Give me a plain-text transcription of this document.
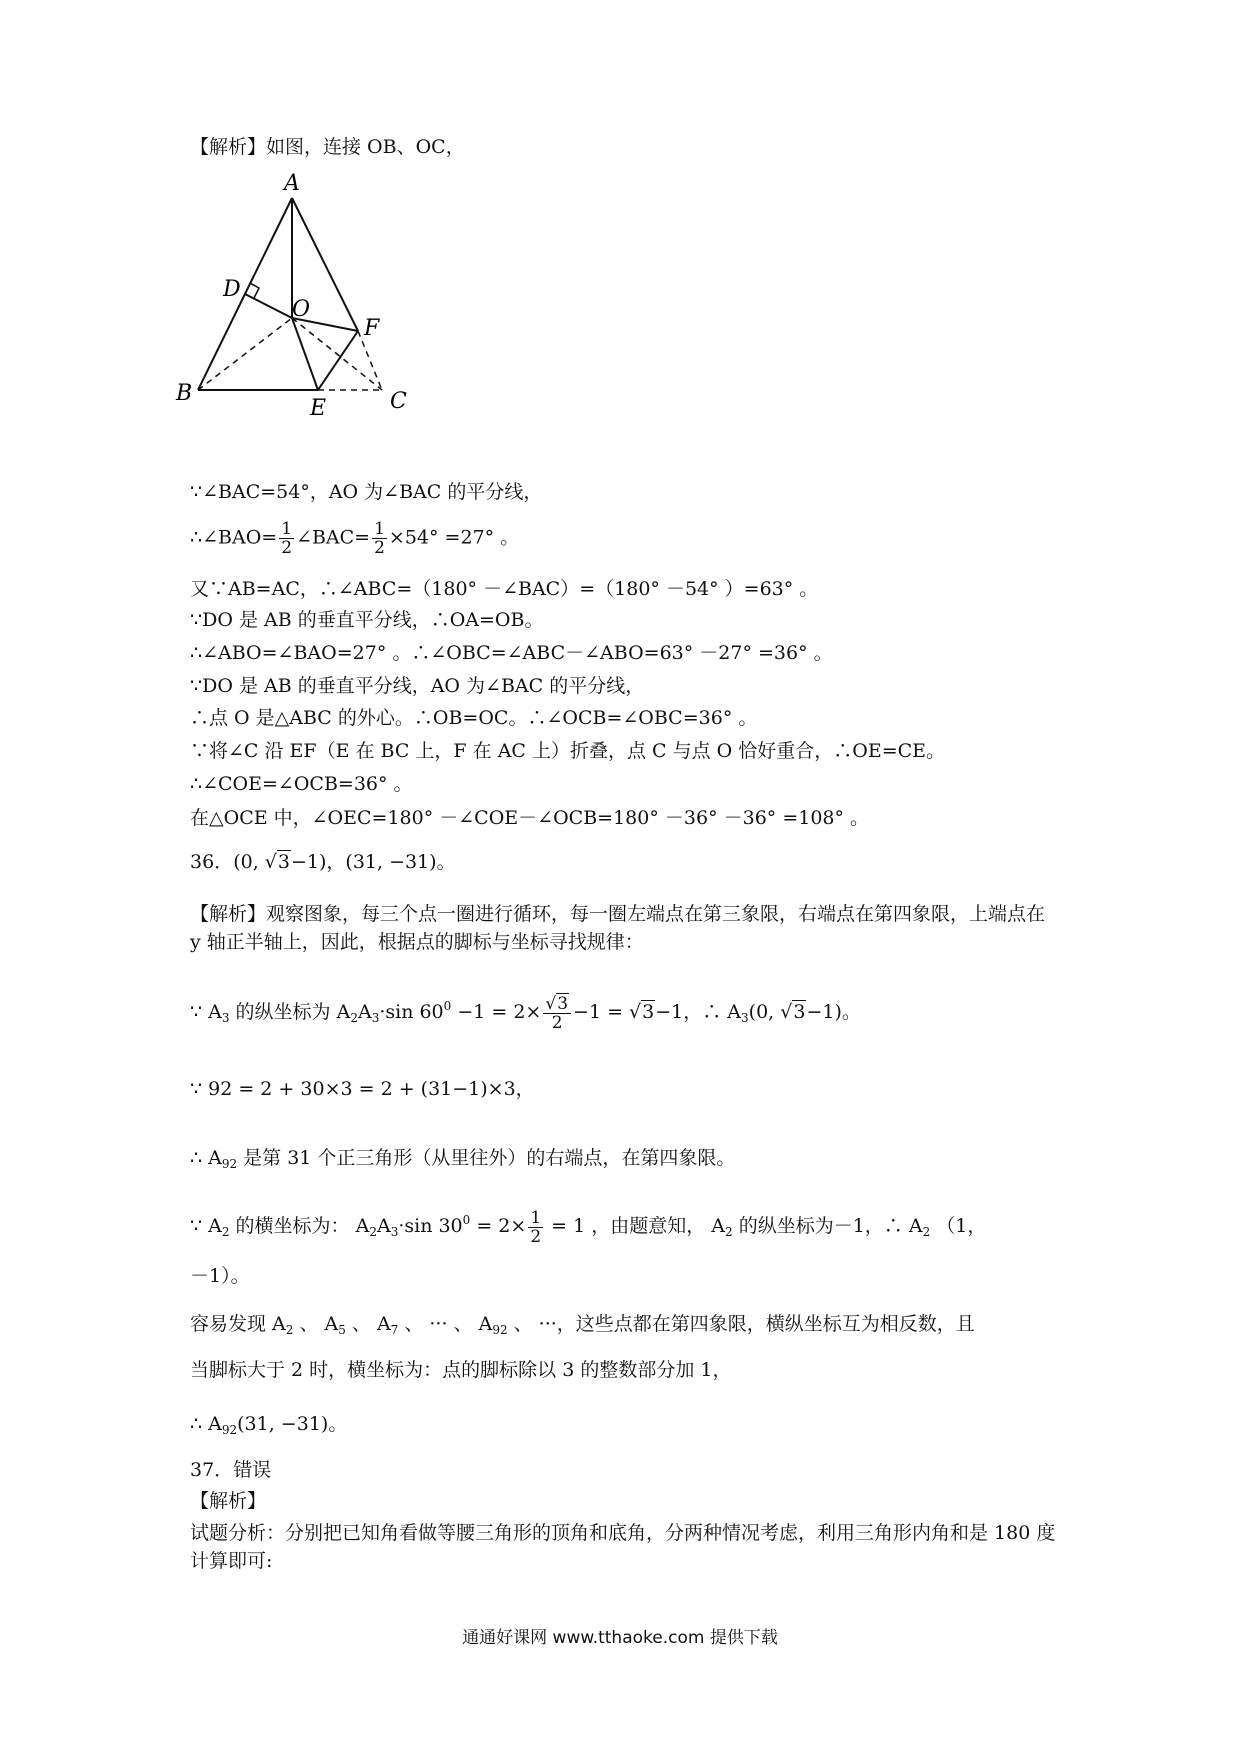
【解析】如图，连接 OB、OC，
A
B	C
D
E
F
O
∵∠BAC=54°，AO 为∠BAC 的平分线，
∴∠BAO= $\frac{1}{2}$ ∠BAC= $\frac{1}{2} \times 54^\circ =27^\circ$ 。
又∵AB=AC，∴∠ABC=（180° －∠BAC）=（180° －54° ）=63° 。
∵DO 是 AB 的垂直平分线，∴OA=OB。
∴∠ABO=∠BAO=27° 。∴∠OBC=∠ABC－∠ABO=63° －27° =36° 。
∵DO 是 AB 的垂直平分线，AO 为∠BAC 的平分线，
∴点 O 是△ABC 的外心。∴OB=OC。∴∠OCB=∠OBC=36° 。
∵将∠C 沿 EF（E 在 BC 上，F 在 AC 上）折叠，点 C 与点 O 恰好重合，∴OE=CE。
∴∠COE=∠OCB=36° 。
在△OCE 中，∠OEC=180° －∠COE－∠OCB=180° －36° －36° =108° 。
36．(0, √3−1)，(31, −31)。
【解析】观察图象，每三个点一圈进行循环，每一圈左端点在第三象限，右端点在第四象限，上端点在 y 轴正半轴上，因此，根据点的脚标与坐标寻找规律：
∵ $A_3$ 的纵坐标为 $A_2A_3\cdot\sin$ $60^0 -1 = 2\times \frac{√3}{2} -1 = √3-1$，∴ $A_3(0$, √3−1)。
∵ 92 = 2 + 30×3 = 2 + (31−1)×3，
∴ $A_{92}$ 是第 31 个正三角形（从里往外）的右端点，在第四象限。
∵ $A_2$ 的横坐标为： $A_2A_3\cdot\sin$ $30^0 = 2\times \frac{1}{2} = 1$ ，由题意知， $A_2$ 的纵坐标为－1，∴ $A_2$ （1，
－1）。
容易发现 $A_2$ 、 $A_5$ 、 $A_7$ 、 ··· 、 $A_{92}$ 、 ···，这些点都在第四象限，横纵坐标互为相反数，且
当脚标大于 2 时，横坐标为：点的脚标除以 3 的整数部分加 1，
∴ $A_{92}(31$, −31)。
37．错误
【解析】
试题分析：分别把已知角看做等腰三角形的顶角和底角，分两种情况考虑，利用三角形内角和是 180 度计算即可:
通通好课网 www.tthaoke.com 提供下载
